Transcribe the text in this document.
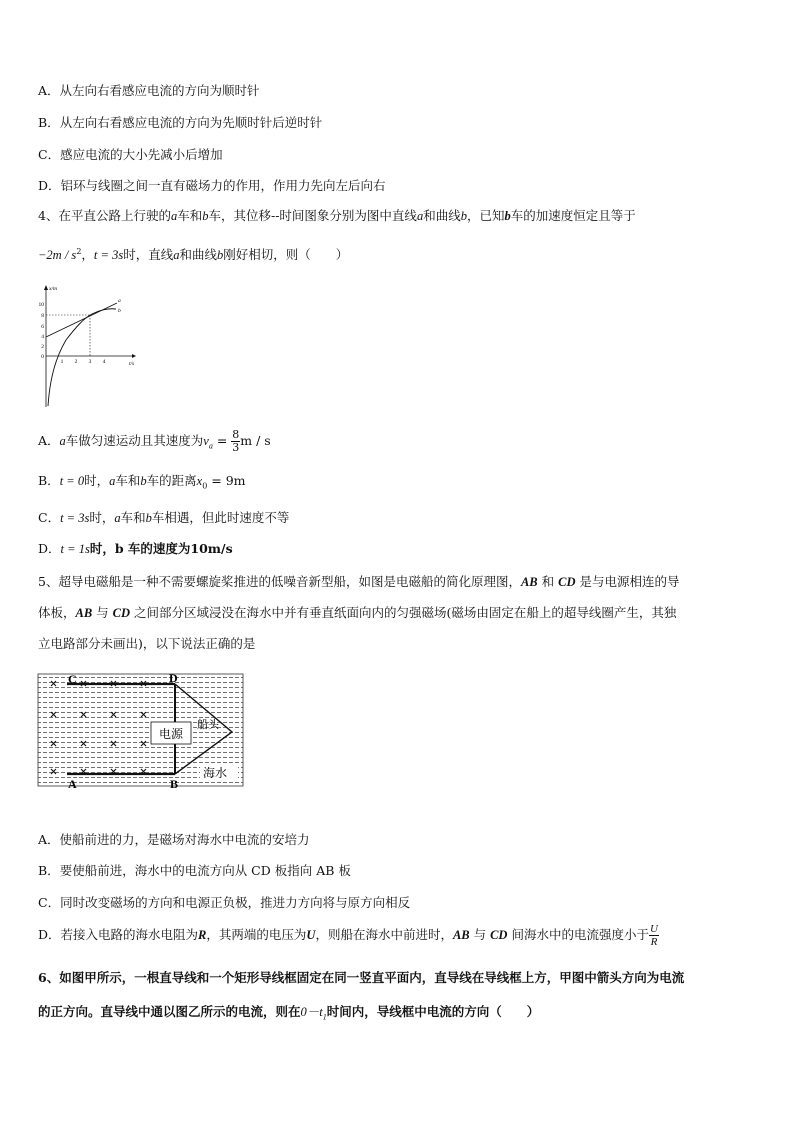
A．从左向右看感应电流的方向为顺时针
B．从左向右看感应电流的方向为先顺时针后逆时针
C．感应电流的大小先减小后增加
D．铝环与线圈之间一直有磁场力的作用，作用力先向左后向右
4、在平直公路上行驶的a车和b车，其位移--时间图象分别为图中直线a和曲线b，已知b车的加速度恒定且等于
$-2m / s^2$，t = 3s时，直线a和曲线b刚好相切，则（　　）
x/m
t/s
10
8
6
4
2
0
1 2 3 4
a
b
A．a车做匀速运动且其速度为$v_a = \frac{8}{3}$ m / s
B．t = 0时，a车和b车的距离$x_0 = 9m$
C．t = 3s时，a车和b车相遇，但此时速度不等
D．t = 1s时，b 车的速度为10m/s
5、超导电磁船是一种不需要螺旋桨推进的低噪音新型船，如图是电磁船的简化原理图，AB 和 CD 是与电源相连的导
体板，AB 与 CD 之间部分区域浸没在海水中并有垂直纸面向内的匀强磁场(磁场由固定在船上的超导线圈产生，其独
立电路部分未画出)，以下说法正确的是
电源
船头
海水
C	D
A	B
A．使船前进的力，是磁场对海水中电流的安培力
B．要使船前进，海水中的电流方向从 CD 板指向 AB 板
C．同时改变磁场的方向和电源正负极，推进力方向将与原方向相反
D．若接入电路的海水电阻为R，其两端的电压为U，则船在海水中前进时，AB 与 CD 间海水中的电流强度小于 $\frac{U}{R}$
6、如图甲所示，一根直导线和一个矩形导线框固定在同一竖直平面内，直导线在导线框上方，甲图中箭头方向为电流
的正方向。直导线中通以图乙所示的电流，则在$0-t_1$时间内，导线框中电流的方向（　　）
